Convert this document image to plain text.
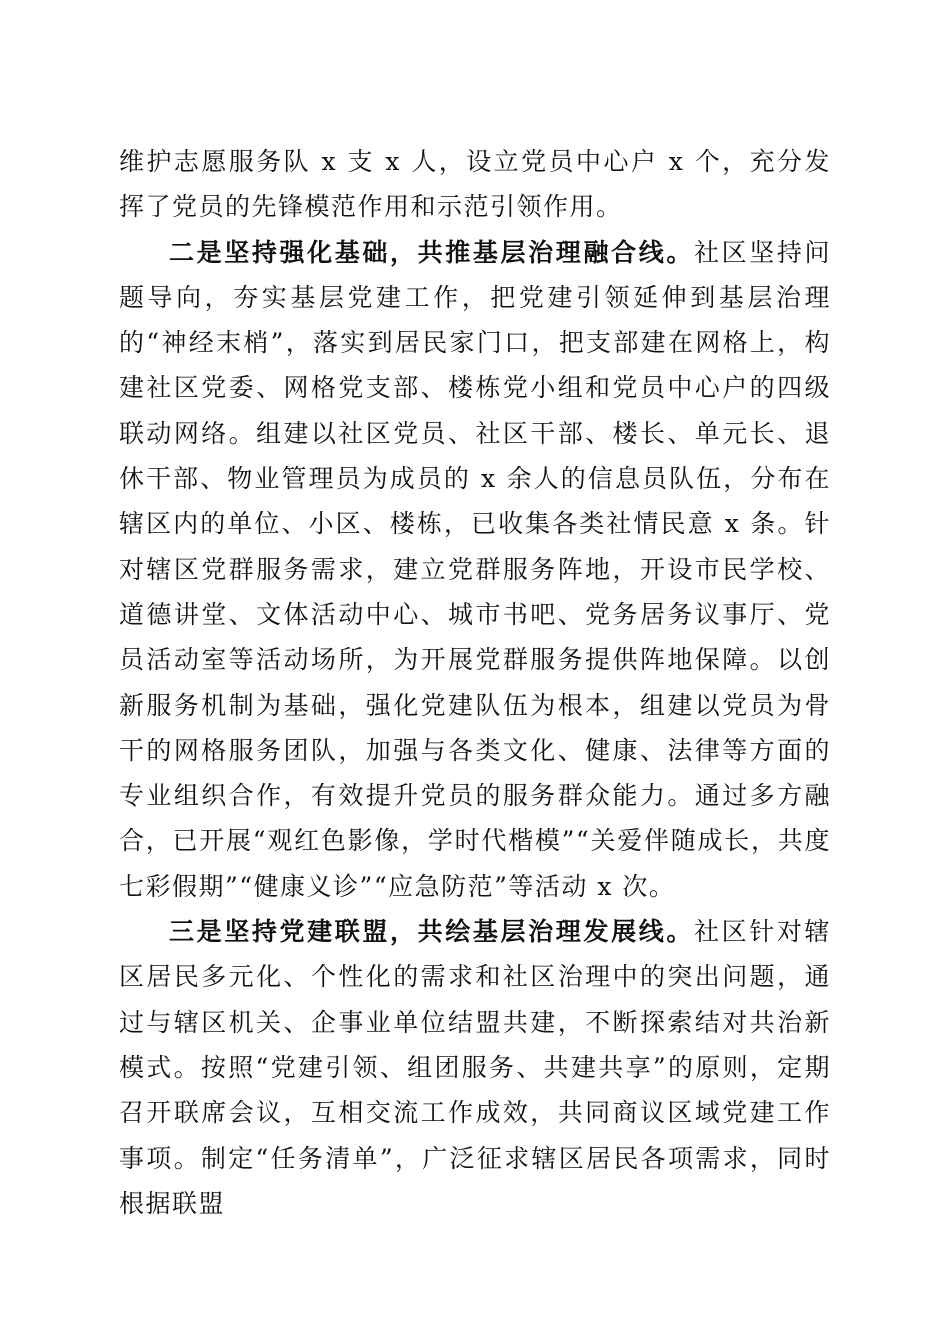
维护志愿服务队 x 支 x 人，设立党员中心户 x 个，充分发挥了党员的先锋模范作用和示范引领作用。

二是坚持强化基础，共推基层治理融合线。社区坚持问题导向，夯实基层党建工作，把党建引领延伸到基层治理的“神经末梢”，落实到居民家门口，把支部建在网格上，构建社区党委、网格党支部、楼栋党小组和党员中心户的四级联动网络。组建以社区党员、社区干部、楼长、单元长、退休干部、物业管理员为成员的 x 余人的信息员队伍，分布在辖区内的单位、小区、楼栋，已收集各类社情民意 x 条。针对辖区党群服务需求，建立党群服务阵地，开设市民学校、道德讲堂、文体活动中心、城市书吧、党务居务议事厅、党员活动室等活动场所，为开展党群服务提供阵地保障。以创新服务机制为基础，强化党建队伍为根本，组建以党员为骨干的网格服务团队，加强与各类文化、健康、法律等方面的专业组织合作，有效提升党员的服务群众能力。通过多方融合，已开展“观红色影像，学时代楷模”“关爱伴随成长，共度七彩假期”“健康义诊”“应急防范”等活动 x 次。

三是坚持党建联盟，共绘基层治理发展线。社区针对辖区居民多元化、个性化的需求和社区治理中的突出问题，通过与辖区机关、企事业单位结盟共建，不断探索结对共治新模式。按照“党建引领、组团服务、共建共享”的原则，定期召开联席会议，互相交流工作成效，共同商议区域党建工作事项。制定“任务清单”，广泛征求辖区居民各项需求，同时根据联盟
